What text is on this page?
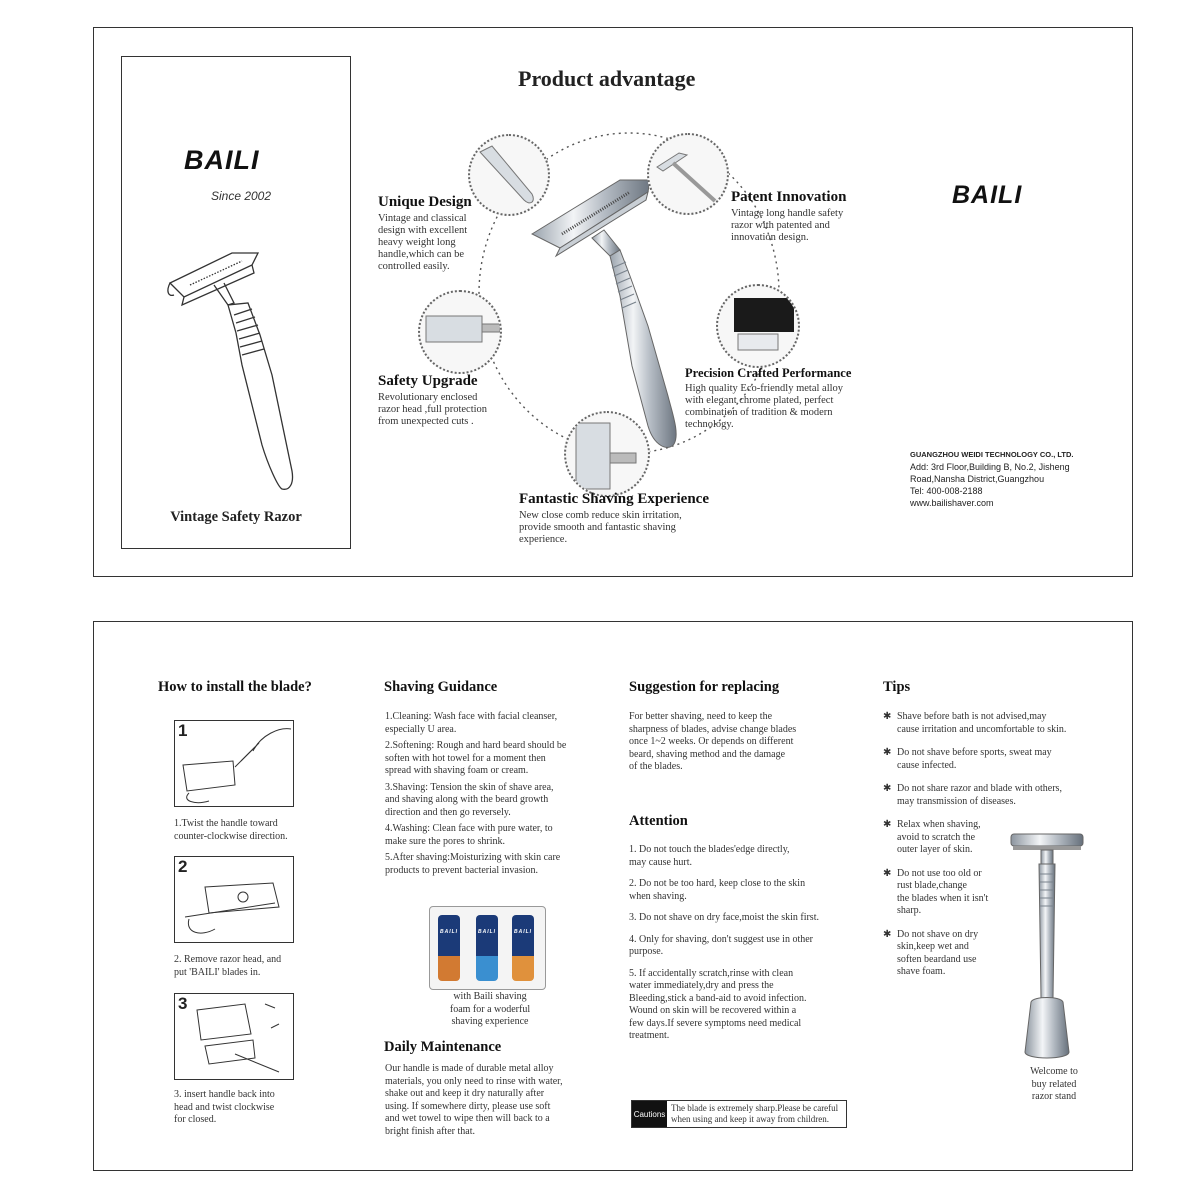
BAILI
Since 2002
Vintage Safety Razor
Product advantage
Unique Design
Vintage and classical
design with excellent
heavy weight long
handle,which can be
controlled easily.
Patent Innovation
Vintage long handle safety
razor with patented and
innovation design.
Safety Upgrade
Revolutionary enclosed
razor head ,full protection
from unexpected cuts .
Precision Crafted Performance
High quality Eco-friendly metal alloy
with elegant chrome plated, perfect
combination of tradition & modern
technology.
Fantastic Shaving Experience
New close comb reduce skin irritation,
provide smooth and fantastic shaving
experience.
BAILI
GUANGZHOU WEIDI TECHNOLOGY CO., LTD.
Add: 3rd Floor,Building B, No.2, Jisheng
Road,Nansha District,Guangzhou
Tel: 400-008-2188
www.bailishaver.com
How to install the blade?
1
1.Twist the handle toward
counter-clockwise direction.
2
2. Remove razor head, and
put 'BAILI' blades in.
3
3. insert handle back into
head and twist clockwise
for closed.
Shaving Guidance
1.Cleaning: Wash face with facial cleanser,
especially U area.
2.Softening: Rough and hard beard should be
soften with hot towel for a moment then
spread with shaving foam or cream.
3.Shaving: Tension the skin of shave area,
and shaving along with the beard growth
direction and then go reversely.
4.Washing: Clean face with pure water, to
make sure the pores to shrink.
5.After shaving:Moisturizing with skin care
products to prevent bacterial invasion.
BAILI	BAILI	BAILI
with Baili shaving
foam for a woderful
shaving experience
Daily Maintenance
Our handle is made of durable metal alloy
materials, you only need to rinse with water,
shake out and keep it dry naturally after
using. If somewhere dirty, please use soft
and wet towel to wipe then will back to a
bright finish after that.
Suggestion for replacing
For better shaving, need to keep the
sharpness of blades, advise change blades
once 1~2 weeks. Or depends on different
beard, shaving method and the damage
of the blades.
Attention
1. Do not touch the blades'edge directly,
may cause hurt.
2. Do not be too hard, keep close to the skin
when shaving.
3. Do not shave on dry face,moist the skin first.
4. Only for shaving, don't suggest use in other
purpose.
5. If accidentally scratch,rinse with clean
water immediately,dry and press the
Bleeding,stick a band-aid to avoid infection.
Wound on skin will be recovered within a
few days.If severe symptoms need medical
treatment.
Cautions
The blade is extremely sharp.Please be careful
when using and keep it away from children.
Tips
✱ Shave before bath is not advised,may
cause irritation and uncomfortable to skin.
✱ Do not shave before sports, sweat may
cause infected.
✱ Do not share razor and blade with others,
may transmission of diseases.
✱ Relax when shaving,
avoid to scratch the
outer layer of skin.
✱ Do not use too old or
rust blade,change
the blades when it isn't
sharp.
✱ Do not shave on dry
skin,keep wet and
soften beardand use
shave foam.
Welcome to
buy related
razor stand
